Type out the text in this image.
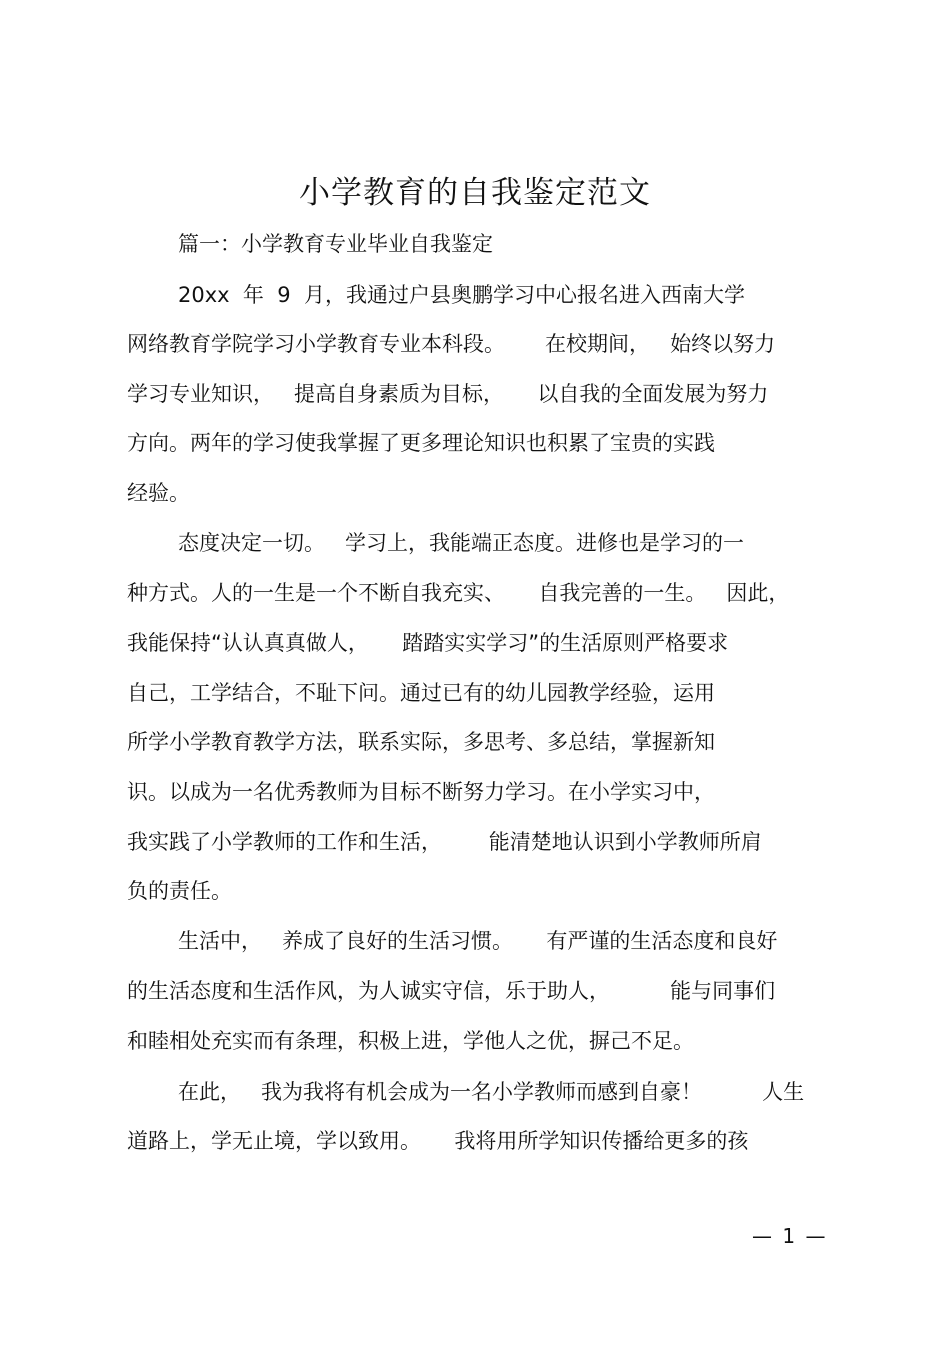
小学教育的自我鉴定范文
篇一：小学教育专业毕业自我鉴定
20xx  年  9  月，我通过户县奥鹏学习中心报名进入西南大学
网络教育学院学习小学教育专业本科段。      在校期间，   始终以努力
学习专业知识，   提高自身素质为目标，     以自我的全面发展为努力
方向。两年的学习使我掌握了更多理论知识也积累了宝贵的实践
经验。
态度决定一切。   学习上，我能端正态度。进修也是学习的一
种方式。人的一生是一个不断自我充实、     自我完善的一生。   因此，
我能保持“认认真真做人，     踏踏实实学习”的生活原则严格要求
自己，工学结合，不耻下问。通过已有的幼儿园教学经验，运用
所学小学教育教学方法，联系实际，多思考、多总结，掌握新知
识。以成为一名优秀教师为目标不断努力学习。在小学实习中，
我实践了小学教师的工作和生活，       能清楚地认识到小学教师所肩
负的责任。
生活中，   养成了良好的生活习惯。     有严谨的生活态度和良好
的生活态度和生活作风，为人诚实守信，乐于助人，         能与同事们
和睦相处充实而有条理，积极上进，学他人之优，摒己不足。
在此，   我为我将有机会成为一名小学教师而感到自豪！         人生
道路上，学无止境，学以致用。     我将用所学知识传播给更多的孩
— 1 —
